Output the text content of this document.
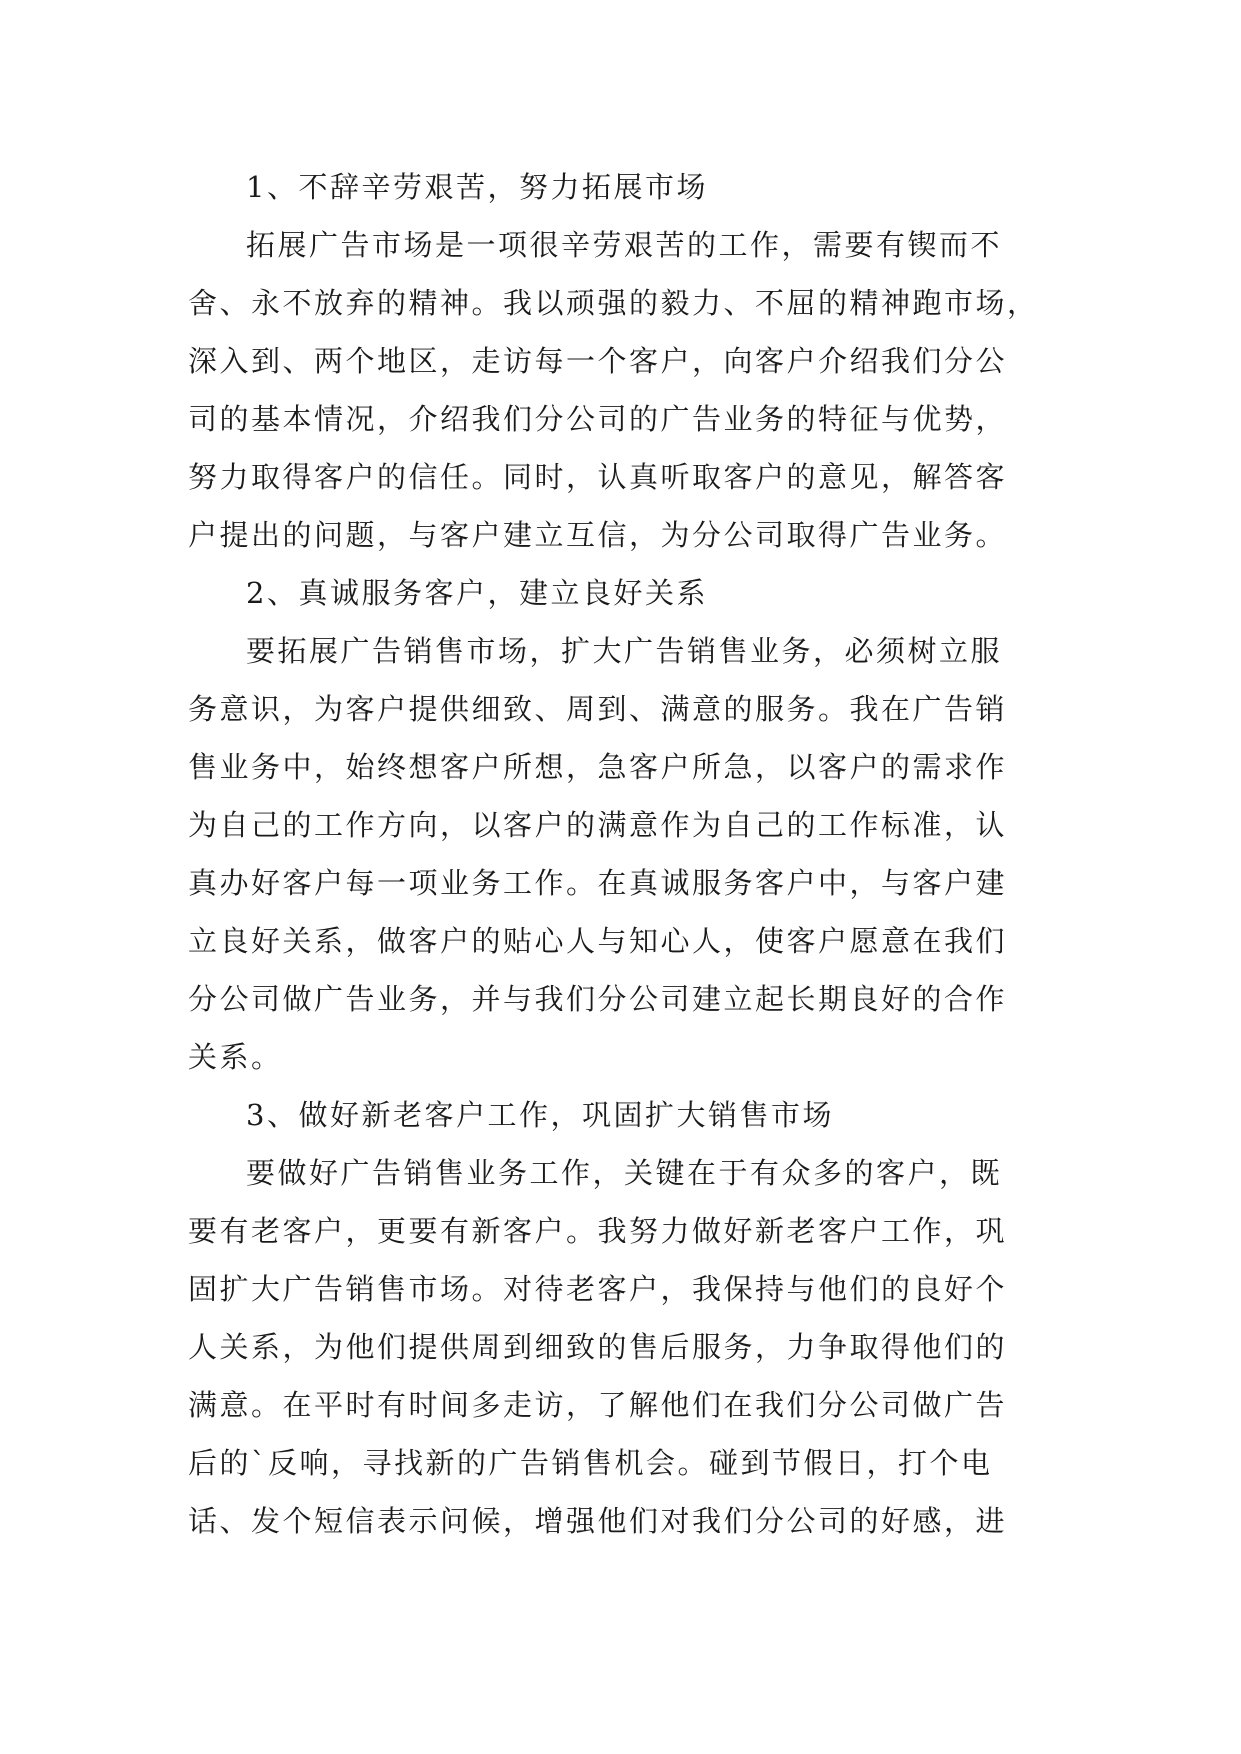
1、不辞辛劳艰苦，努力拓展市场
拓展广告市场是一项很辛劳艰苦的工作，需要有锲而不
舍、永不放弃的精神。我以顽强的毅力、不屈的精神跑市场，
深入到、两个地区，走访每一个客户，向客户介绍我们分公
司的基本情况，介绍我们分公司的广告业务的特征与优势，
努力取得客户的信任。同时，认真听取客户的意见，解答客
户提出的问题，与客户建立互信，为分公司取得广告业务。
2、真诚服务客户，建立良好关系
要拓展广告销售市场，扩大广告销售业务，必须树立服
务意识，为客户提供细致、周到、满意的服务。我在广告销
售业务中，始终想客户所想，急客户所急，以客户的需求作
为自己的工作方向，以客户的满意作为自己的工作标准，认
真办好客户每一项业务工作。在真诚服务客户中，与客户建
立良好关系，做客户的贴心人与知心人，使客户愿意在我们
分公司做广告业务，并与我们分公司建立起长期良好的合作
关系。
3、做好新老客户工作，巩固扩大销售市场
要做好广告销售业务工作，关键在于有众多的客户，既
要有老客户，更要有新客户。我努力做好新老客户工作，巩
固扩大广告销售市场。对待老客户，我保持与他们的良好个
人关系，为他们提供周到细致的售后服务，力争取得他们的
满意。在平时有时间多走访，了解他们在我们分公司做广告
后的`反响，寻找新的广告销售机会。碰到节假日，打个电
话、发个短信表示问候，增强他们对我们分公司的好感，进
